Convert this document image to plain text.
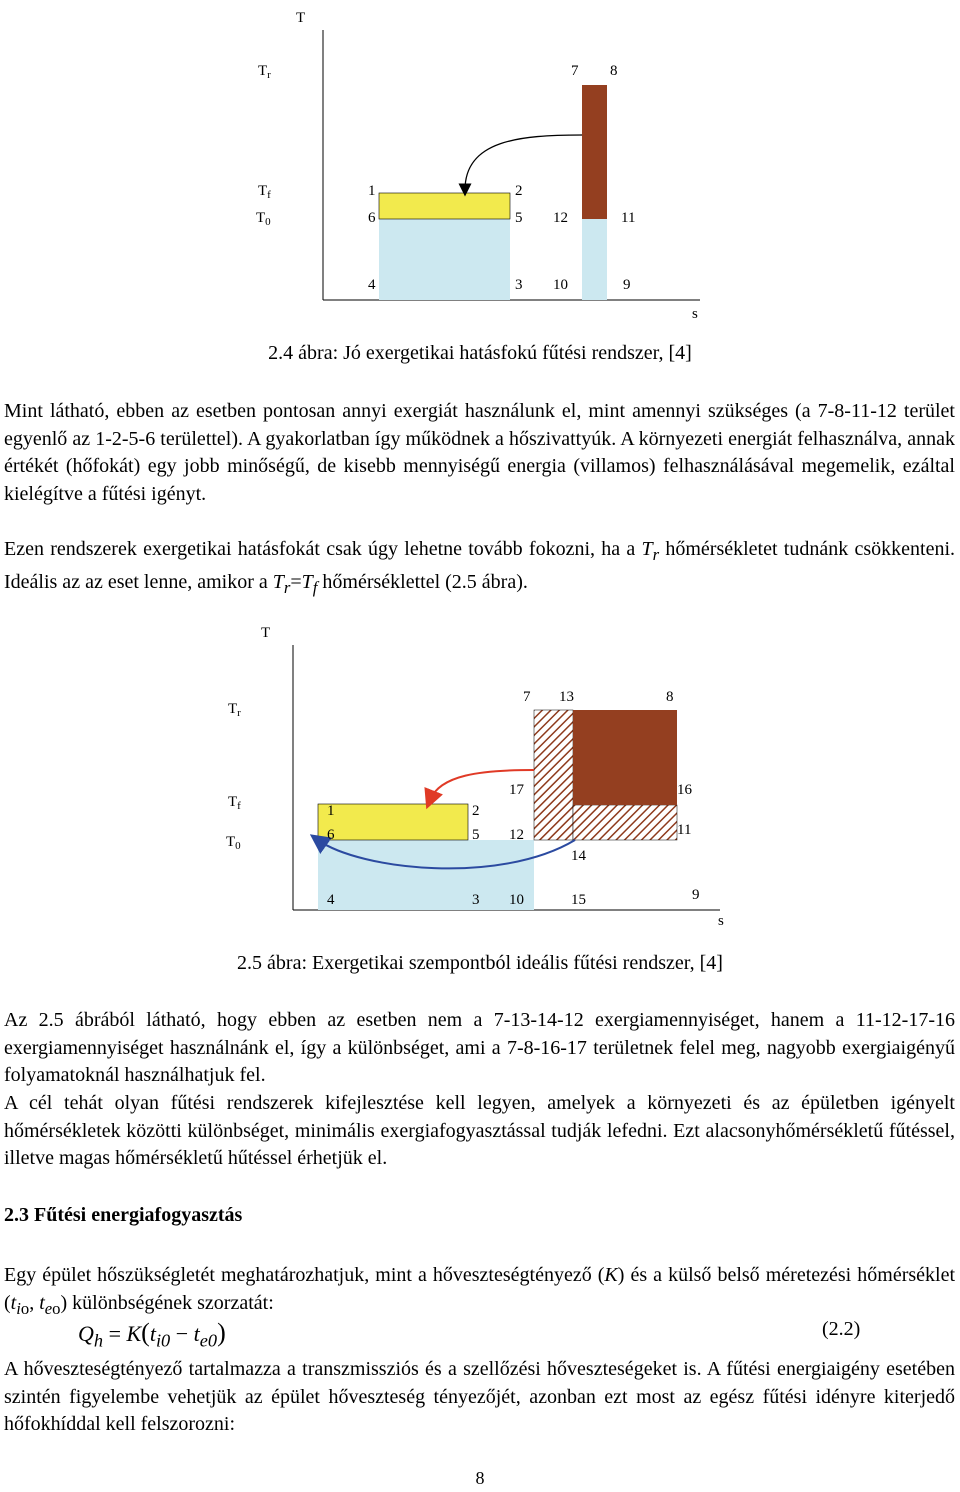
T
s
$T_r$
$T_f$
$T_0$
7 8
1	2
6	5 12	11
4	3 10	9
2.4 ábra: Jó exergetikai hatásfokú fűtési rendszer, [4]

Mint látható, ebben az esetben pontosan annyi exergiát használunk el, mint amennyi szükséges (a 7-8-11-12 terület egyenlő az 1-2-5-6 területtel). A gyakorlatban így működnek a hőszivattyúk. A környezeti energiát felhasználva, annak értékét (hőfokát) egy jobb minőségű, de kisebb mennyiségű energia (villamos) felhasználásával megemelik, ezáltal kielégítve a fűtési igényt.

Ezen rendszerek exergetikai hatásfokát csak úgy lehetne tovább fokozni, ha a $T_r$ hőmérsékletet tudnánk csökkenteni. Ideális az az eset lenne, amikor a $T_r=T_f$ hőmérséklettel (2.5 ábra).

T
s
$T_r$
$T_f$
$T_0$
7 13	8
17	16
1	2
6	5 12	11
14
4	3 10	15	9
2.5 ábra: Exergetikai szempontból ideális fűtési rendszer, [4]

Az 2.5 ábrából látható, hogy ebben az esetben nem a 7-13-14-12 exergiamennyiséget, hanem a 11-12-17-16 exergiamennyiséget használnánk el, így a különbséget, ami a 7-8-16-17 területnek felel meg, nagyobb exergiaigényű folyamatoknál használhatjuk fel.

A cél tehát olyan fűtési rendszerek kifejlesztése kell legyen, amelyek a környezeti és az épületben igényelt hőmérsékletek közötti különbséget, minimális exergiafogyasztással tudják lefedni. Ezt alacsonyhőmérsékletű fűtéssel, illetve magas hőmérsékletű hűtéssel érhetjük el.

2.3 Fűtési energiafogyasztás

Egy épület hőszükségletét meghatározhatjuk, mint a hőveszteségtényező (K) és a külső belső méretezési hőmérséklet ($t_{io}$, $t_{eo}$) különbségének szorzatát:

$Q_h = K(t_{i0} - t_{e0})$	(2.2)

A hőveszteségtényező tartalmazza a transzmissziós és a szellőzési hőveszteségeket is. A fűtési energiaigény esetében szintén figyelembe vehetjük az épület hőveszteség tényezőjét, azonban ezt most az egész fűtési idényre kiterjedő hőfokhíddal kell felszorozni:

8
